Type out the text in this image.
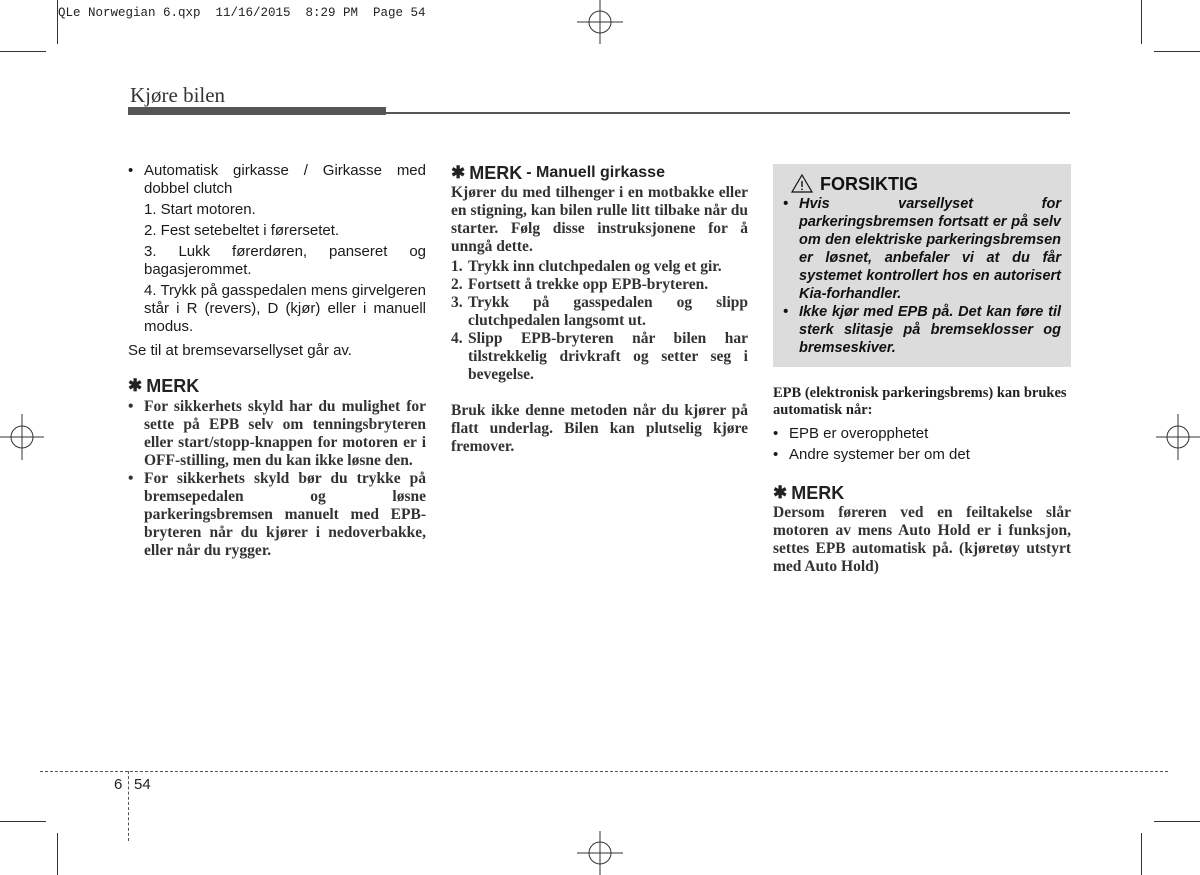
QLe Norwegian 6.qxp  11/16/2015  8:29 PM  Page 54
Kjøre bilen
• Automatisk girkasse / Girkasse med dobbel clutch
1. Start motoren.
2. Fest setebeltet i førersetet.
3. Lukk førerdøren, panseret og bagasjerommet.
4. Trykk på gasspedalen mens girvelgeren står i R (revers), D (kjør) eller i manuell modus.
Se til at bremsevarsellyset går av.
✱ MERK
• For sikkerhets skyld har du mulighet for sette på EPB selv om tenningsbryteren eller start/stopp-knappen for motoren er i OFF-stilling, men du kan ikke løsne den.
• For sikkerhets skyld bør du trykke på bremsepedalen og løsne parkeringsbremsen manuelt med EPB-bryteren når du kjører i nedoverbakke, eller når du rygger.
✱ MERK - Manuell girkasse
Kjører du med tilhenger i en motbakke eller en stigning, kan bilen rulle litt tilbake når du starter. Følg disse instruksjonene for å unngå dette.
1. Trykk inn clutchpedalen og velg et gir.
2. Fortsett å trekke opp EPB-bryteren.
3. Trykk på gasspedalen og slipp clutchpedalen langsomt ut.
4. Slipp EPB-bryteren når bilen har tilstrekkelig drivkraft og setter seg i bevegelse.
Bruk ikke denne metoden når du kjører på flatt underlag. Bilen kan plutselig kjøre fremover.
FORSIKTIG
• Hvis varsellyset for parkeringsbremsen fortsatt er på selv om den elektriske parkeringsbremsen er løsnet, anbefaler vi at du får systemet kontrollert hos en autorisert Kia-forhandler.
• Ikke kjør med EPB på. Det kan føre til sterk slitasje på bremseklosser og bremseskiver.
EPB (elektronisk parkeringsbrems) kan brukes automatisk når:
• EPB er overopphetet
• Andre systemer ber om det
✱ MERK
Dersom føreren ved en feiltakelse slår motoren av mens Auto Hold er i funksjon, settes EPB automatisk på. (kjøretøy utstyrt med Auto Hold)
6 54
